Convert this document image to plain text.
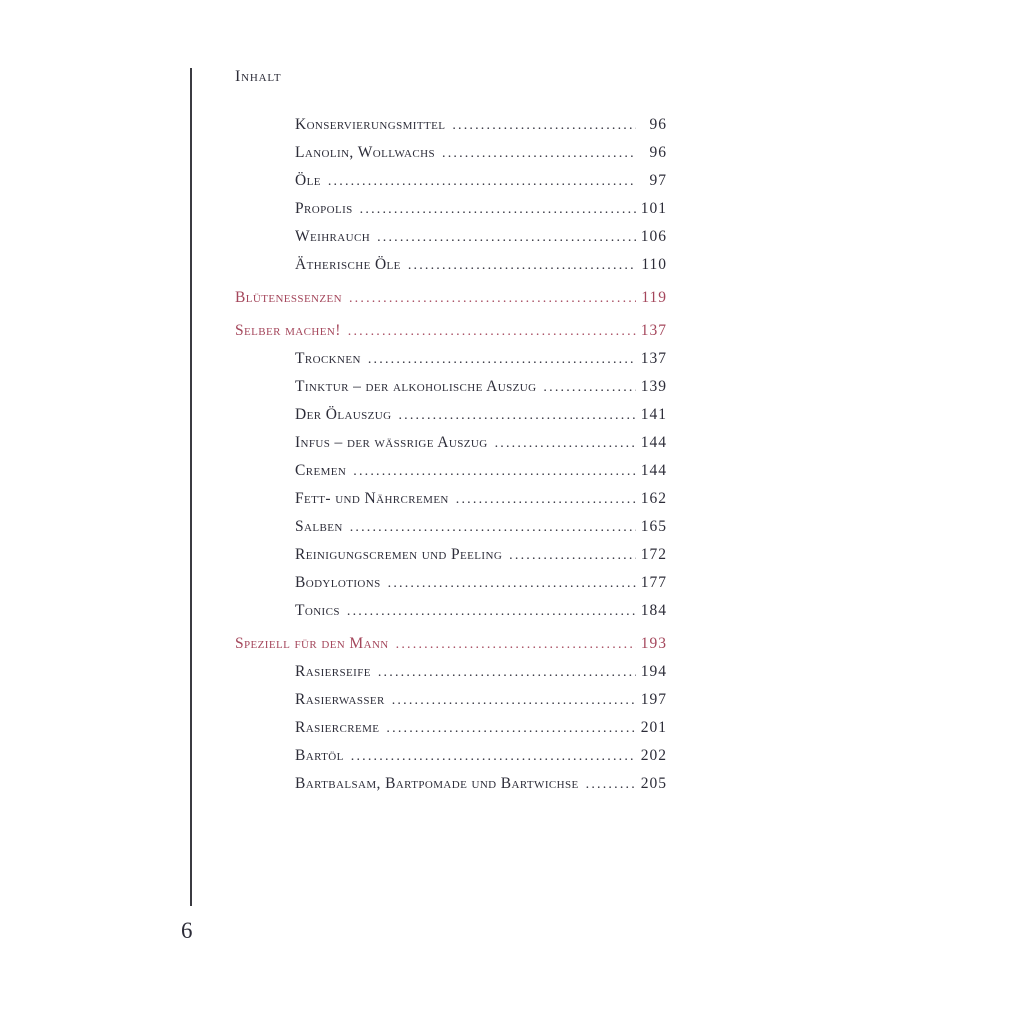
Inhalt
Konservierungsmittel .....	96
Lanolin, Wollwachs .....	96
Öle .....	97
Propolis .....	101
Weihrauch .....	106
Ätherische Öle .....	110
Blütenessenzen .....	119
Selber machen! .....	137
Trocknen .....	137
Tinktur – der alkoholische Auszug .....	139
Der Ölauszug .....	141
Infus – der wässrige Auszug .....	144
Cremen .....	144
Fett- und Nährcremen .....	162
Salben .....	165
Reinigungscremen und Peeling .....	172
Bodylotions .....	177
Tonics .....	184
Speziell für den Mann .....	193
Rasierseife .....	194
Rasierwasser .....	197
Rasiercreme .....	201
Bartöl .....	202
Bartbalsam, Bartpomade und Bartwichse .....	205
6
